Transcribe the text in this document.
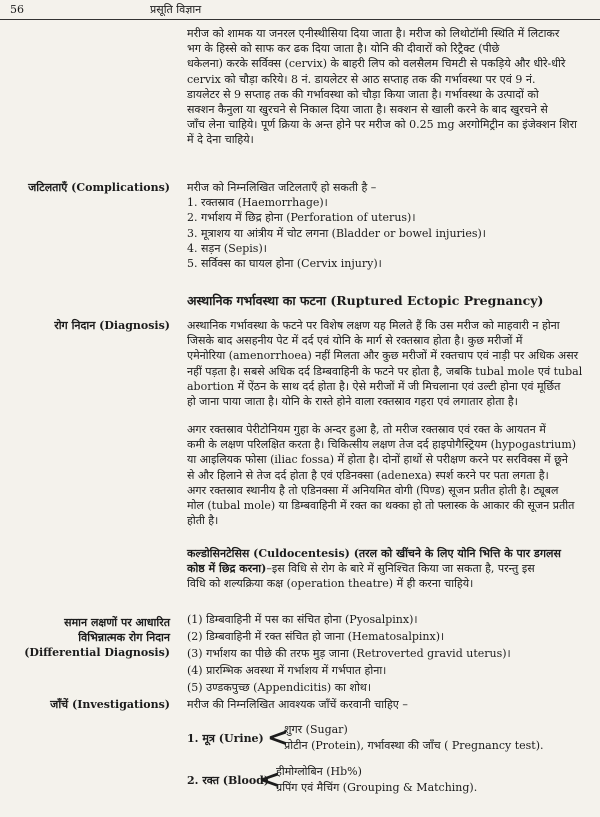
56	प्रसूति विज्ञान

मरीज को शामक या जनरल एनीस्थीसिया दिया जाता है। मरीज को लिथोटॉमी स्थिति में लिटाकर

भग के हिस्से को साफ कर ढक दिया जाता है। योनि की दीवारों को रिट्रैक्ट (पीछे

धकेलना) करके सर्विक्स (cervix) के बाहरी लिप को वलसैलम चिमटी से पकड़िये और धीरे-धीरे

cervix को चौड़ा करिये। 8 नं. डायलेटर से आठ सप्ताह तक की गर्भावस्था पर एवं 9 नं.

डायलेटर से 9 सप्ताह तक की गर्भावस्था को चौड़ा किया जाता है। गर्भावस्था के उत्पादों को

सक्शन कैनुला या खुरचने से निकाल दिया जाता है। सक्शन से खाली करने के बाद खुरचने से

जाँच लेना चाहिये। पूर्ण क्रिया के अन्त होने पर मरीज को 0.25 mg अरगोमिट्रीन का इंजेक्शन शिरा

में दे देना चाहिये।

जटिलताएँ (Complications) मरीज को निम्नलिखित जटिलताएँ हो सकती है –
1. रक्तस्राव (Haemorrhage)।
2. गर्भाशय में छिद्र होना (Perforation of uterus)।
3. मूत्राशय या आंत्रीय में चोट लगना (Bladder or bowel injuries)।
4. सड़न (Sepis)।
5. सर्विक्स का घायल होना (Cervix injury)।
अस्थानिक गर्भावस्था का फटना (Ruptured Ectopic Pregnancy)
रोग निदान (Diagnosis) अस्थानिक गर्भावस्था के फटने पर विशेष लक्षण यह मिलते हैं कि उस मरीज को माहवारी न होना

जिसके बाद असहनीय पेट में दर्द एवं योनि के मार्ग से रक्तस्राव होता है। कुछ मरीजों में

एमेनोरिया (amenorrhoea) नहीं मिलता और कुछ मरीजों में रक्तचाप एवं नाड़ी पर अधिक असर

नहीं पड़ता है। सबसे अधिक दर्द डिम्बवाहिनी के फटने पर होता है, जबकि tubal mole एवं tubal

abortion में ऐंठन के साथ दर्द होता है। ऐसे मरीजों में जी मिचलाना एवं उल्टी होना एवं मूर्छित

हो जाना पाया जाता है। योनि के रास्ते होने वाला रक्तस्राव गहरा एवं लगातार होता है।

अगर रक्तस्राव पेरीटोनियम गुहा के अन्दर हुआ है, तो मरीज रक्तस्राव एवं रक्त के आयतन में

कमी के लक्षण परिलक्षित करता है। चिकित्सीय लक्षण तेज दर्द हाइपोगैस्ट्रियम (hypogastrium)

या आइलियक फोसा (iliac fossa) में होता है। दोनों हाथों से परीक्षण करने पर सरविक्स में छूने

से और हिलाने से तेज दर्द होता है एवं एडिनक्सा (adenexa) स्पर्श करने पर पता लगता है।

अगर रक्तस्राव स्थानीय है तो एडिनक्सा में अनियमित वोगी (पिण्ड) सूजन प्रतीत होती है। ट्यूबल

मोल (tubal mole) या डिम्बवाहिनी में रक्त का थक्का हो तो फ्लास्क के आकार की सूजन प्रतीत

होती है।

कल्डोसिनटेसिस (Culdocentesis) (तरल को खींचने के लिए योनि भित्ति के पार डगलस

कोष्ठ में छिद्र करना)–इस विधि से रोग के बारे में सुनिश्चित किया जा सकता है, परन्तु इस

विधि को शल्यक्रिया कक्ष (operation theatre) में ही करना चाहिये।

समान लक्षणों पर आधारित
विभिन्नात्मक रोग निदान
(Differential Diagnosis)
(1) डिम्बवाहिनी में पस का संचित होना (Pyosalpinx)।
(2) डिम्बवाहिनी में रक्त संचित हो जाना (Hematosalpinx)।
(3) गर्भाशय का पीछे की तरफ मुड़ जाना (Retroverted gravid uterus)।
(4) प्रारम्भिक अवस्था में गर्भाशय में गर्भपात होना।
(5) उण्डकपुच्छ (Appendicitis) का शोथ।
जाँचें (Investigations) मरीज की निम्नलिखित आवश्यक जाँचें करवानी चाहिए –
1. मूत्र (Urine) <
शुगर (Sugar)
प्रोटीन (Protein), गर्भावस्था की जाँच ( Pregnancy test).
2. रक्त (Blood)
<
हीमोग्लोबिन (Hb%)
ग्रपिंग एवं मैचिंग (Grouping & Matching).
